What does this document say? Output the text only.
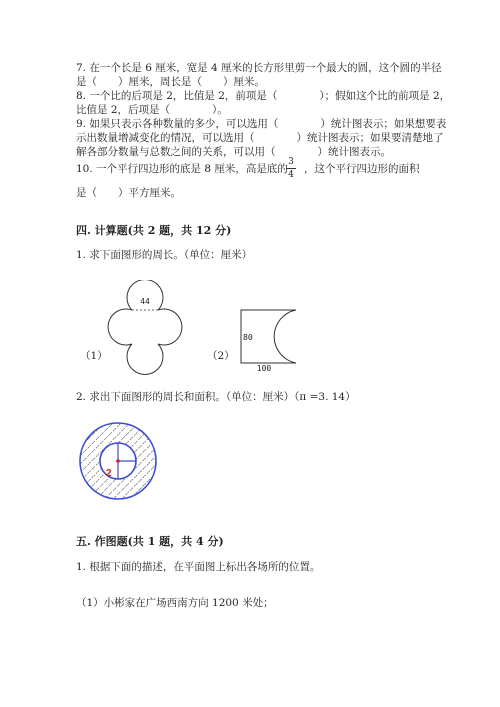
7. 在一个长是 6 厘米，宽是 4 厘米的长方形里剪一个最大的圆，这个圆的半径
是（　　）厘米，周长是（　　）厘米。
8. 一个比的后项是 2，比值是 2，前项是（　　　　）；假如这个比的前项是 2，
比值是 2，后项是（　　　　）。
9. 如果只表示各种数量的多少，可以选用（　　　　）统计图表示；如果想要表
示出数量增减变化的情况，可以选用（　　　　）统计图表示；如果要清楚地了
解各部分数量与总数之间的关系，可以用（　　　　）统计图表示。
10. 一个平行四边形的底是 8 厘米，高是底的
3
4 ，这个平行四边形的面积
是（　　）平方厘米。
四. 计算题(共 2 题，共 12 分)
1. 求下面图形的周长。（单位：厘米）
44
（1）	（2）
80
100
2. 求出下面图形的周长和面积。（单位：厘米）（π =3. 14）
2
五. 作图题(共 1 题，共 4 分)
1. 根据下面的描述，在平面图上标出各场所的位置。
（1）小彬家在广场西南方向 1200 米处；
